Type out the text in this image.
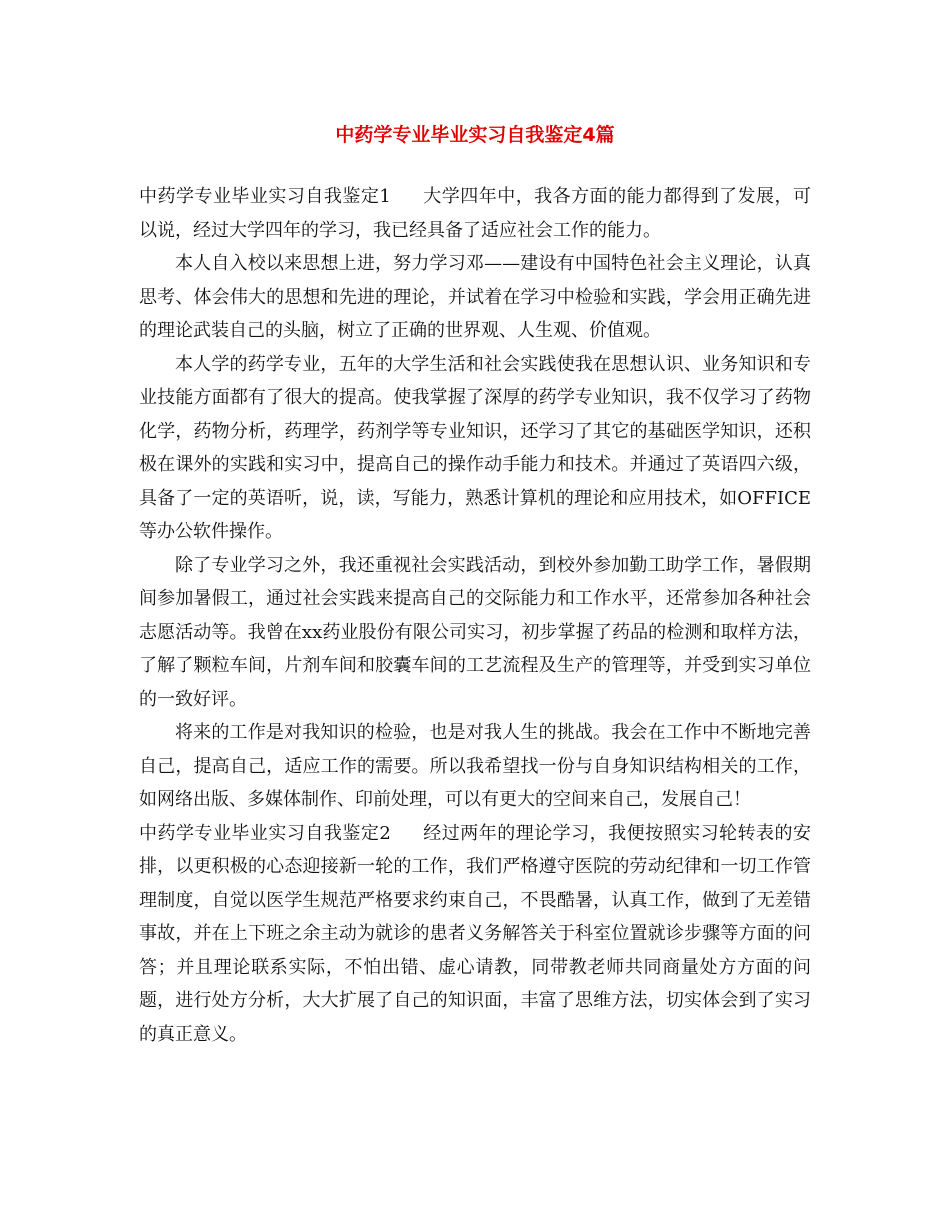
中药学专业毕业实习自我鉴定4篇

中药学专业毕业实习自我鉴定1 大学四年中，我各方面的能力都得到了发展，可以说，经过大学四年的学习，我已经具备了适应社会工作的能力。

本人自入校以来思想上进，努力学习邓——建设有中国特色社会主义理论，认真思考、体会伟大的思想和先进的理论，并试着在学习中检验和实践，学会用正确先进的理论武装自己的头脑，树立了正确的世界观、人生观、价值观。

本人学的药学专业，五年的大学生活和社会实践使我在思想认识、业务知识和专业技能方面都有了很大的提高。使我掌握了深厚的药学专业知识，我不仅学习了药物化学，药物分析，药理学，药剂学等专业知识，还学习了其它的基础医学知识，还积极在课外的实践和实习中，提高自己的操作动手能力和技术。并通过了英语四六级，具备了一定的英语听，说，读，写能力，熟悉计算机的理论和应用技术，如OFFICE等办公软件操作。

除了专业学习之外，我还重视社会实践活动，到校外参加勤工助学工作，暑假期间参加暑假工，通过社会实践来提高自己的交际能力和工作水平，还常参加各种社会志愿活动等。我曾在xx药业股份有限公司实习，初步掌握了药品的检测和取样方法，了解了颗粒车间，片剂车间和胶囊车间的工艺流程及生产的管理等，并受到实习单位的一致好评。

将来的工作是对我知识的检验，也是对我人生的挑战。我会在工作中不断地完善自己，提高自己，适应工作的需要。所以我希望找一份与自身知识结构相关的工作，如网络出版、多媒体制作、印前处理，可以有更大的空间来自己，发展自己！

中药学专业毕业实习自我鉴定2 经过两年的理论学习，我便按照实习轮转表的安排，以更积极的心态迎接新一轮的工作，我们严格遵守医院的劳动纪律和一切工作管理制度，自觉以医学生规范严格要求约束自己，不畏酷暑，认真工作，做到了无差错事故，并在上下班之余主动为就诊的患者义务解答关于科室位置就诊步骤等方面的问答；并且理论联系实际，不怕出错、虚心请教，同带教老师共同商量处方方面的问题，进行处方分析，大大扩展了自己的知识面，丰富了思维方法，切实体会到了实习的真正意义。
